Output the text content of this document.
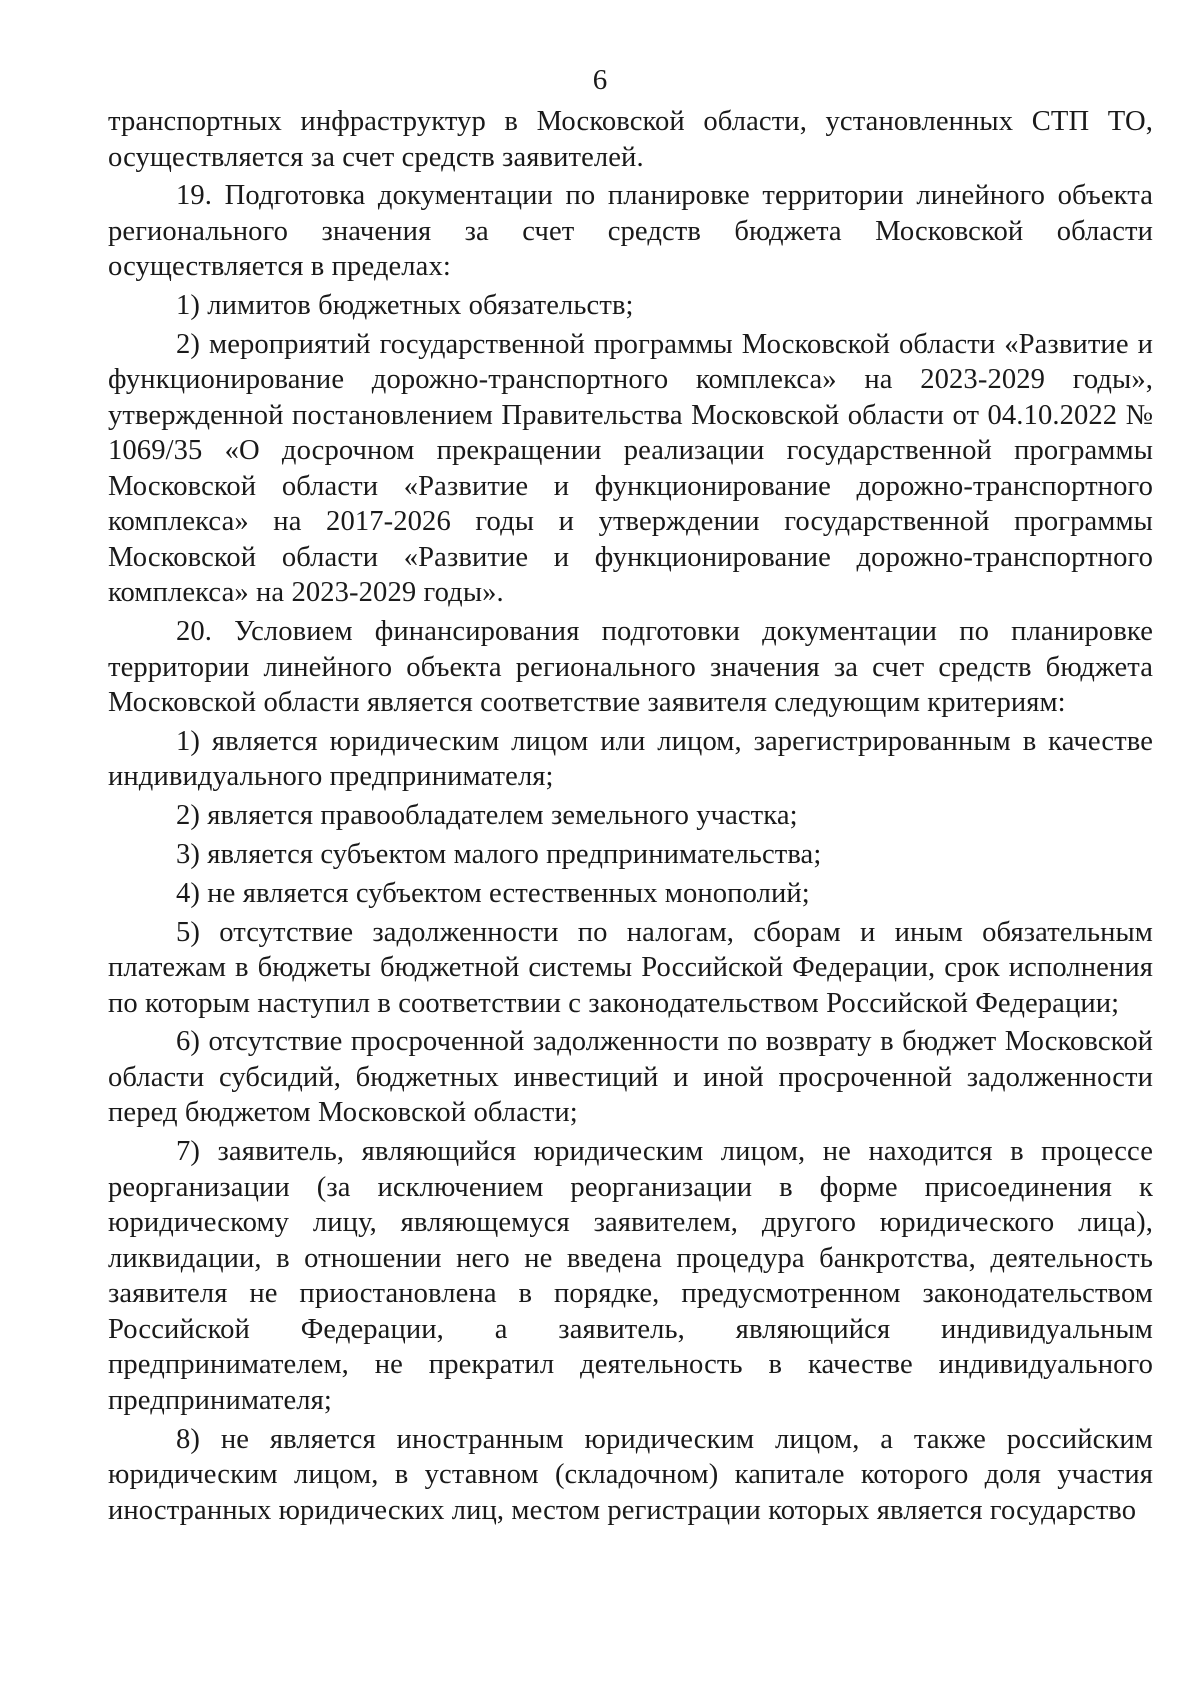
6

транспортных инфраструктур в Московской области, установленных СТП ТО, осуществляется за счет средств заявителей.

19. Подготовка документации по планировке территории линейного объекта регионального значения за счет средств бюджета Московской области осуществляется в пределах:

1) лимитов бюджетных обязательств;

2) мероприятий государственной программы Московской области «Развитие и функционирование дорожно-транспортного комплекса» на 2023-2029 годы», утвержденной постановлением Правительства Московской области от 04.10.2022 № 1069/35 «О досрочном прекращении реализации государственной программы Московской области «Развитие и функционирование дорожно-транспортного комплекса» на 2017-2026 годы и утверждении государственной программы Московской области «Развитие и функционирование дорожно-транспортного комплекса» на 2023-2029 годы».

20. Условием финансирования подготовки документации по планировке территории линейного объекта регионального значения за счет средств бюджета Московской области является соответствие заявителя следующим критериям:

1) является юридическим лицом или лицом, зарегистрированным в качестве индивидуального предпринимателя;

2) является правообладателем земельного участка;

3) является субъектом малого предпринимательства;

4) не является субъектом естественных монополий;

5) отсутствие задолженности по налогам, сборам и иным обязательным платежам в бюджеты бюджетной системы Российской Федерации, срок исполнения по которым наступил в соответствии с законодательством Российской Федерации;

6) отсутствие просроченной задолженности по возврату в бюджет Московской области субсидий, бюджетных инвестиций и иной просроченной задолженности перед бюджетом Московской области;

7) заявитель, являющийся юридическим лицом, не находится в процессе реорганизации (за исключением реорганизации в форме присоединения к юридическому лицу, являющемуся заявителем, другого юридического лица), ликвидации, в отношении него не введена процедура банкротства, деятельность заявителя не приостановлена в порядке, предусмотренном законодательством Российской Федерации, а заявитель, являющийся индивидуальным предпринимателем, не прекратил деятельность в качестве индивидуального предпринимателя;

8) не является иностранным юридическим лицом, а также российским юридическим лицом, в уставном (складочном) капитале которого доля участия иностранных юридических лиц, местом регистрации которых является государство
